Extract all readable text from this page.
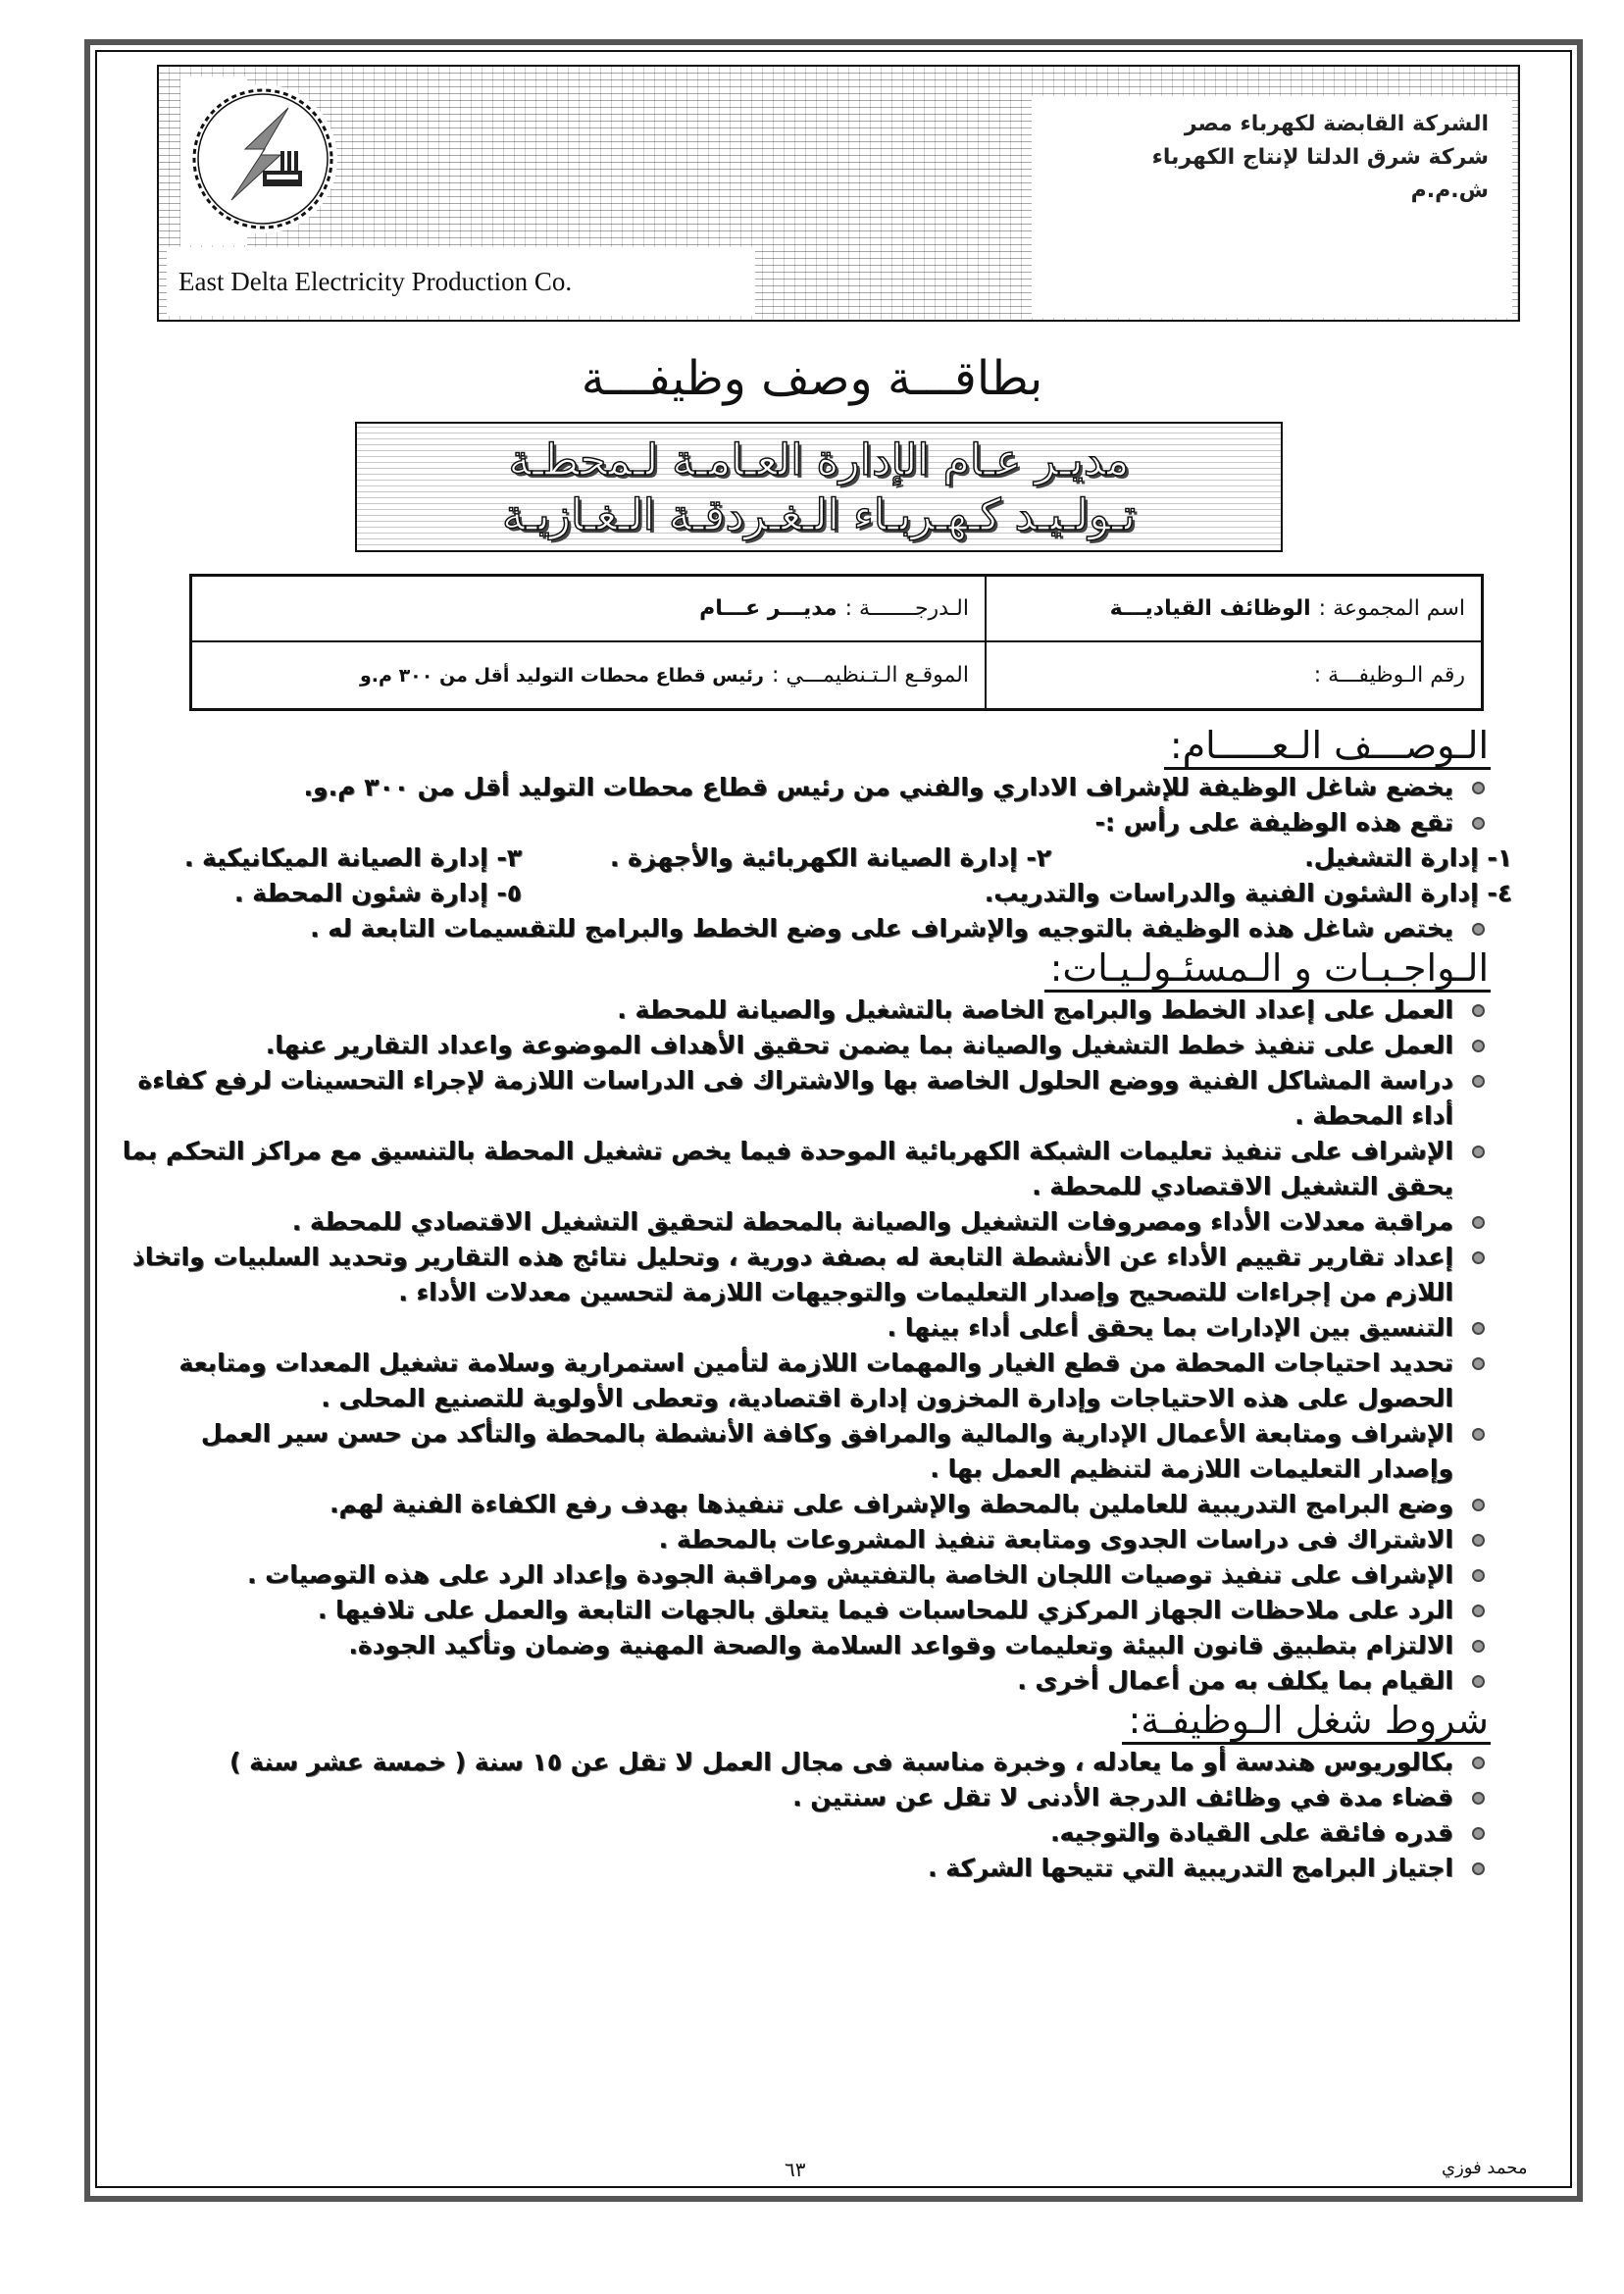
East Delta Electricity Production Co.
الشركة القابضة لكهرباء مصر
شركة شرق الدلتا لإنتاج الكهرباء
ش.م.م
بطاقـــة وصف وظيفـــة
مديـر عـام الإدارة العـامـة لـمحطـة
تـولـيـد كـهـربـاء الـغـردقـة الـغـازيـة
اسم المجموعة :
الوظائف القياديـــة
الـدرجـــــــة :
مديـــر عـــام
رقم الـوظيفـــة :
الموقـع الـتـنظيمـــي :
رئيس قطاع محطات التوليد أقل من ٣٠٠ م.و
الـوصـــف الـعـــــام:
يخضع شاغل الوظيفة للإشراف الاداري والفني من رئيس قطاع محطات التوليد أقل من ٣٠٠ م.و.
تقع هذه الوظيفة على رأس :-
١- إدارة التشغيل.
٢- إدارة الصيانة الكهربائية والأجهزة .
٣- إدارة الصيانة الميكانيكية .
٤- إدارة الشئون الفنية والدراسات والتدريب.
٥- إدارة شئون المحطة .
يختص شاغل هذه الوظيفة بالتوجيه والإشراف على وضع الخطط والبرامج للتقسيمات التابعة له .
الـواجـبـات و الـمسئـولـيـات:
العمل على إعداد الخطط والبرامج الخاصة بالتشغيل والصيانة للمحطة .
العمل على تنفيذ خطط التشغيل والصيانة بما يضمن تحقيق الأهداف الموضوعة واعداد التقارير عنها.
دراسة المشاكل الفنية ووضع الحلول الخاصة بها والاشتراك فى الدراسات اللازمة لإجراء التحسينات لرفع كفاءة أداء المحطة .
الإشراف على تنفيذ تعليمات الشبكة الكهربائية الموحدة فيما يخص تشغيل المحطة بالتنسيق مع مراكز التحكم بما يحقق التشغيل الاقتصادي للمحطة .
مراقبة معدلات الأداء ومصروفات التشغيل والصيانة بالمحطة لتحقيق التشغيل الاقتصادي للمحطة .
إعداد تقارير تقييم الأداء عن الأنشطة التابعة له بصفة دورية ، وتحليل نتائج هذه التقارير وتحديد السلبيات واتخاذ اللازم من إجراءات للتصحيح وإصدار التعليمات والتوجيهات اللازمة لتحسين معدلات الأداء .
التنسيق بين الإدارات بما يحقق أعلى أداء بينها .
تحديد احتياجات المحطة من قطع الغيار والمهمات اللازمة لتأمين استمرارية وسلامة تشغيل المعدات ومتابعة الحصول على هذه الاحتياجات وإدارة المخزون إدارة اقتصادية، وتعطى الأولوية للتصنيع المحلى .
الإشراف ومتابعة الأعمال الإدارية والمالية والمرافق وكافة الأنشطة بالمحطة والتأكد من حسن سير العمل وإصدار التعليمات اللازمة لتنظيم العمل بها .
وضع البرامج التدريبية للعاملين بالمحطة والإشراف على تنفيذها بهدف رفع الكفاءة الفنية لهم.
الاشتراك فى دراسات الجدوى ومتابعة تنفيذ المشروعات بالمحطة .
الإشراف على تنفيذ توصيات اللجان الخاصة بالتفتيش ومراقبة الجودة وإعداد الرد على هذه التوصيات .
الرد على ملاحظات الجهاز المركزي للمحاسبات فيما يتعلق بالجهات التابعة والعمل على تلافيها .
الالتزام بتطبيق قانون البيئة وتعليمات وقواعد السلامة والصحة المهنية وضمان وتأكيد الجودة.
القيام بما يكلف به من أعمال أخرى .
شروط شغل الـوظيفـة:
بكالوريوس هندسة أو ما يعادله ، وخبرة مناسبة فى مجال العمل لا تقل عن ١٥ سنة ( خمسة عشر سنة )
قضاء مدة في وظائف الدرجة الأدنى لا تقل عن سنتين .
قدره فائقة على القيادة والتوجيه.
اجتياز البرامج التدريبية التي تتيحها الشركة .
٦٣	محمد فوزي
